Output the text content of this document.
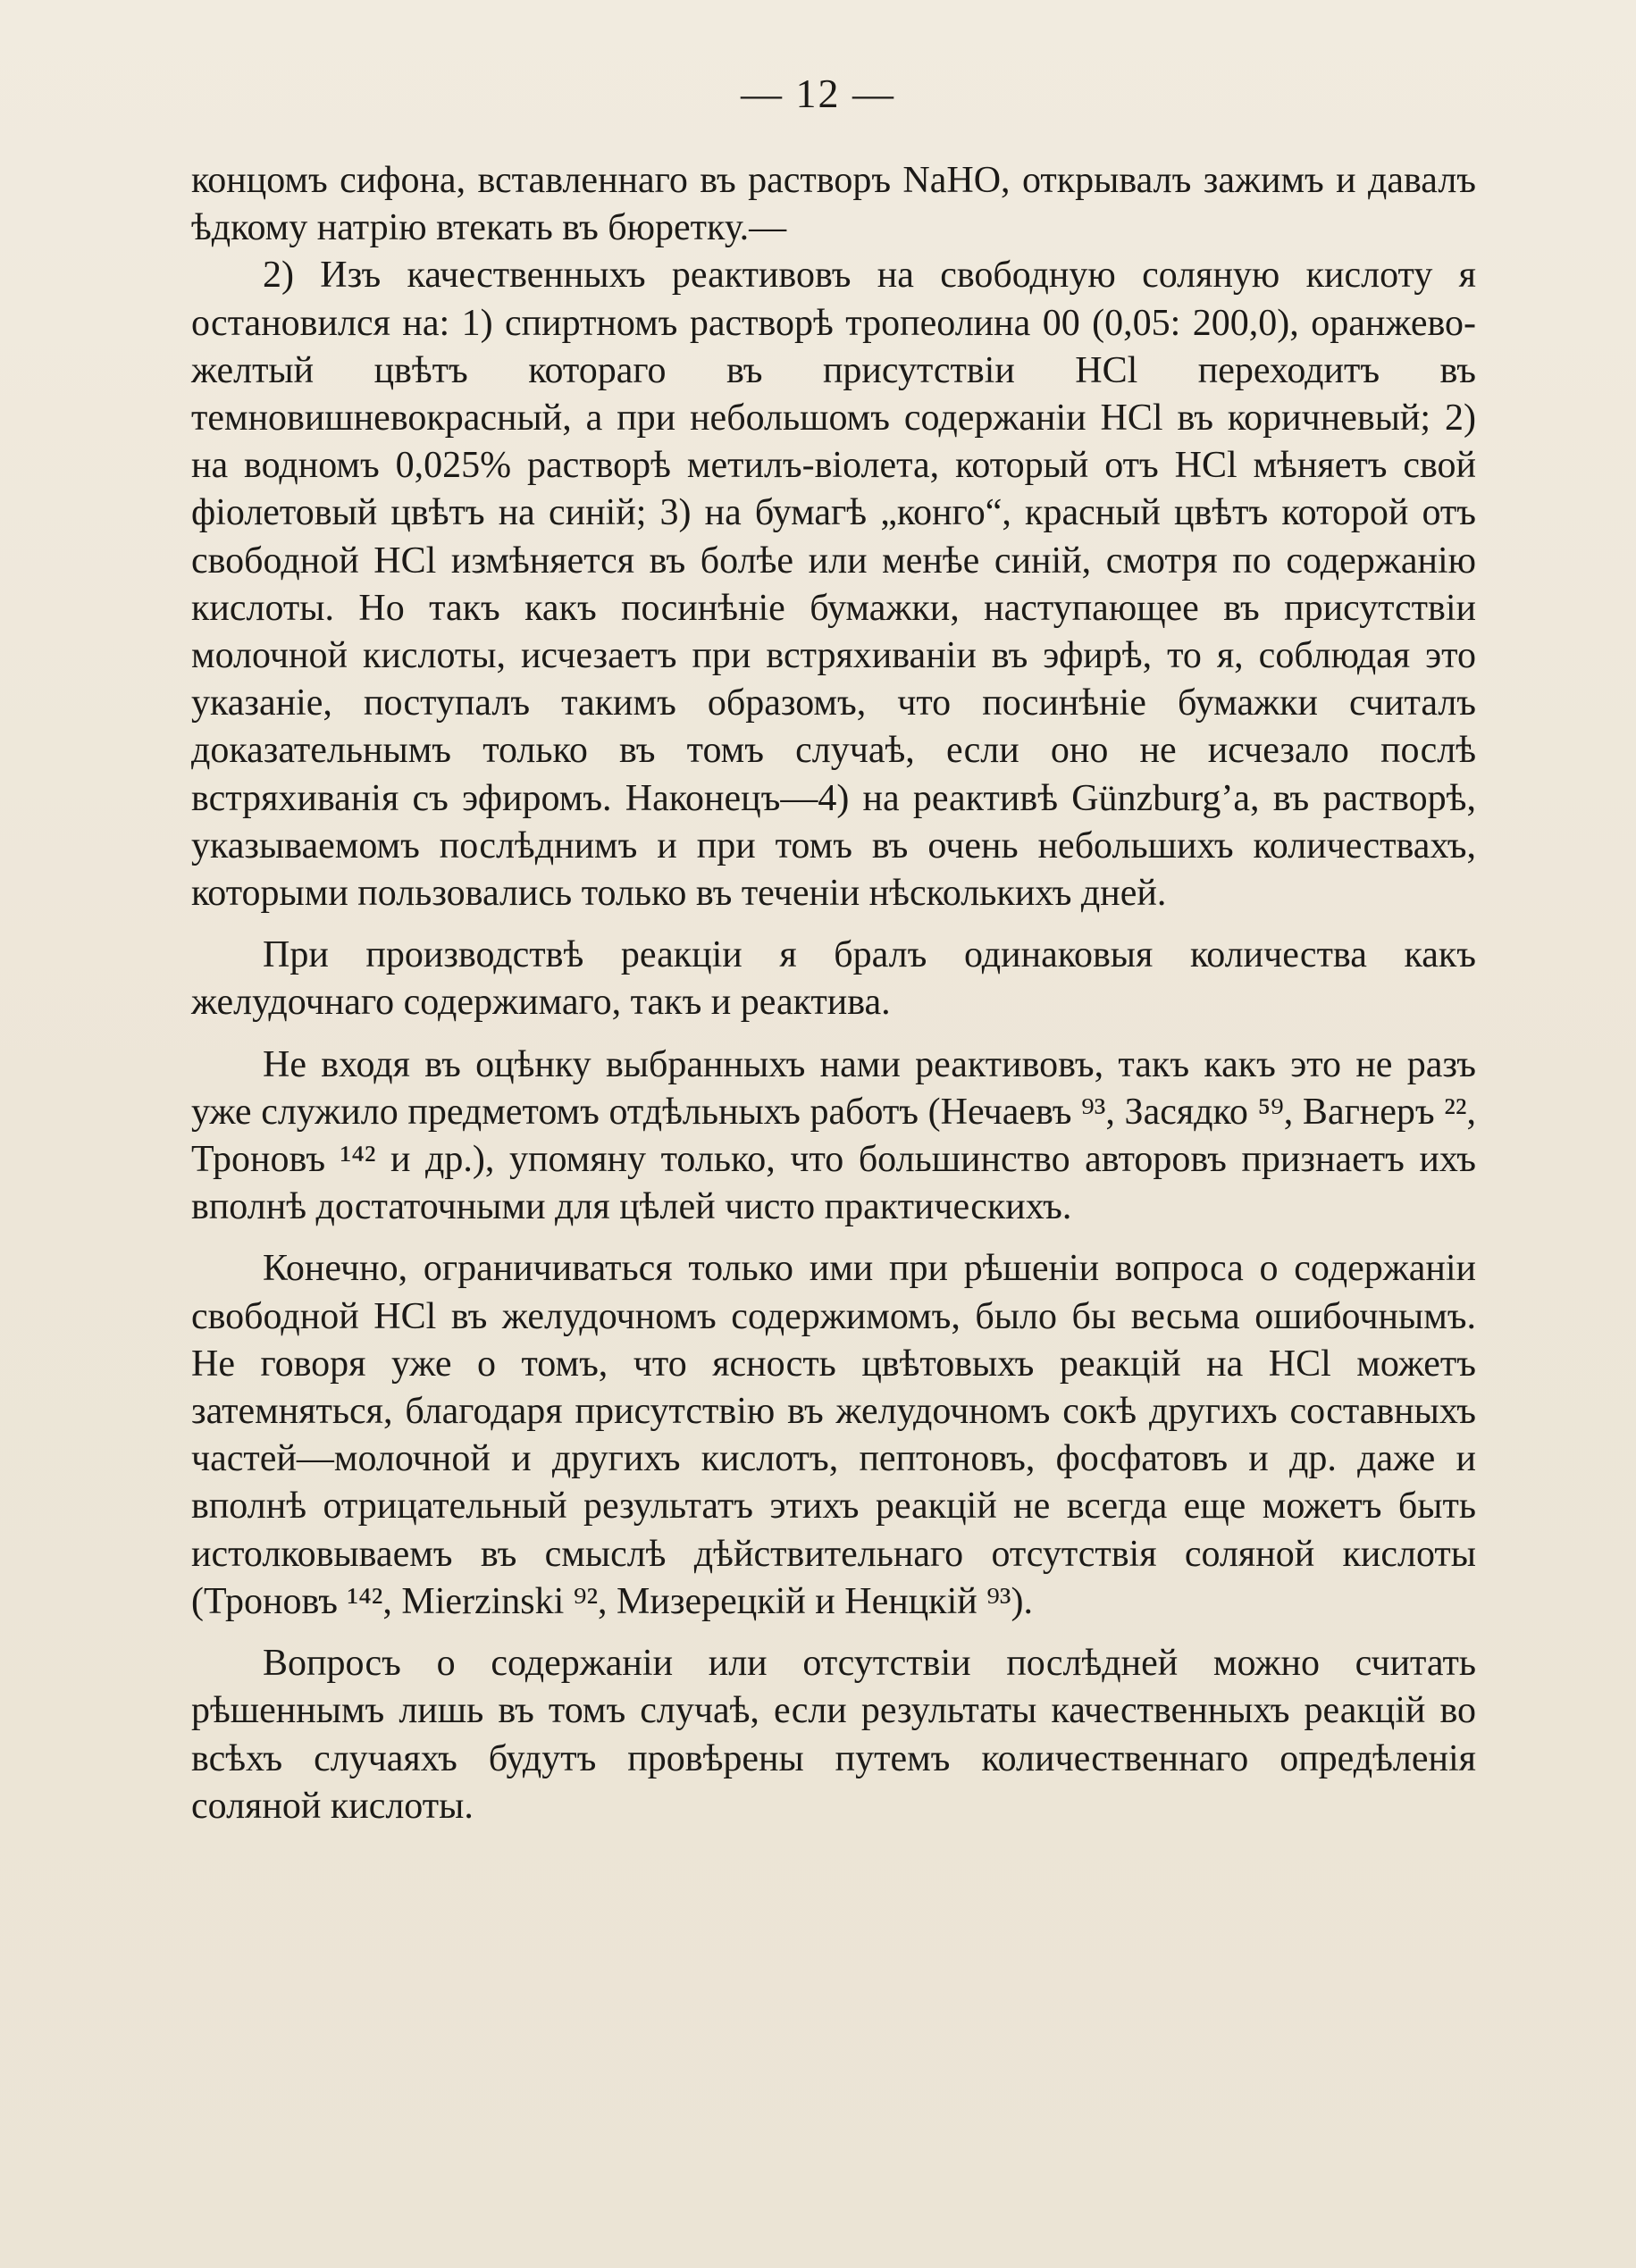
— 12 —

концомъ сифона, вставленнаго въ растворъ NaHO, открывалъ зажимъ и давалъ ѣдкому натрію втекать въ бюретку.—

2) Изъ качественныхъ реактивовъ на свободную соляную кислоту я остановился на: 1) спиртномъ растворѣ тропеолина 00 (0,05: 200,0), оранжево-желтый цвѣтъ котораго въ присутствіи HCl переходитъ въ темновишневокрасный, а при небольшомъ содержаніи HCl въ коричневый; 2) на водномъ 0,025% растворѣ метилъ-віолета, который отъ HCl мѣняетъ свой фіолетовый цвѣтъ на синій; 3) на бумагѣ „конго“, красный цвѣтъ которой отъ свободной HCl измѣняется въ болѣе или менѣе синій, смотря по содержанію кислоты. Но такъ какъ посинѣніе бумажки, наступающее въ присутствіи молочной кислоты, исчезаетъ при встряхиваніи въ эфирѣ, то я, соблюдая это указаніе, поступалъ такимъ образомъ, что посинѣніе бумажки считалъ доказательнымъ только въ томъ случаѣ, если оно не исчезало послѣ встряхиванія съ эфиромъ. Наконецъ—4) на реактивѣ Günzburg’а, въ растворѣ, указываемомъ послѣднимъ и при томъ въ очень небольшихъ количествахъ, которыми пользовались только въ теченіи нѣсколькихъ дней.

При производствѣ реакціи я бралъ одинаковыя количества какъ желудочнаго содержимаго, такъ и реактива.

Не входя въ оцѣнку выбранныхъ нами реактивовъ, такъ какъ это не разъ уже служило предметомъ отдѣльныхъ работъ (Нечаевъ ⁹³, Засядко ⁵⁹, Вагнеръ ²², Троновъ ¹⁴² и др.), упомяну только, что большинство авторовъ признаетъ ихъ вполнѣ достаточными для цѣлей чисто практическихъ.

Конечно, ограничиваться только ими при рѣшеніи вопроса о содержаніи свободной HCl въ желудочномъ содержимомъ, было бы весьма ошибочнымъ. Не говоря уже о томъ, что ясность цвѣтовыхъ реакцій на HCl можетъ затемняться, благодаря присутствію въ желудочномъ сокѣ другихъ составныхъ частей—молочной и другихъ кислотъ, пептоновъ, фосфатовъ и др. даже и вполнѣ отрицательный результатъ этихъ реакцій не всегда еще можетъ быть истолковываемъ въ смыслѣ дѣйствительнаго отсутствія соляной кислоты (Троновъ ¹⁴², Mierzinski ⁹², Мизерецкій и Ненцкій ⁹³).

Вопросъ о содержаніи или отсутствіи послѣдней можно считать рѣшеннымъ лишь въ томъ случаѣ, если результаты качественныхъ реакцій во всѣхъ случаяхъ будутъ провѣрены путемъ количественнаго опредѣленія соляной кислоты.
